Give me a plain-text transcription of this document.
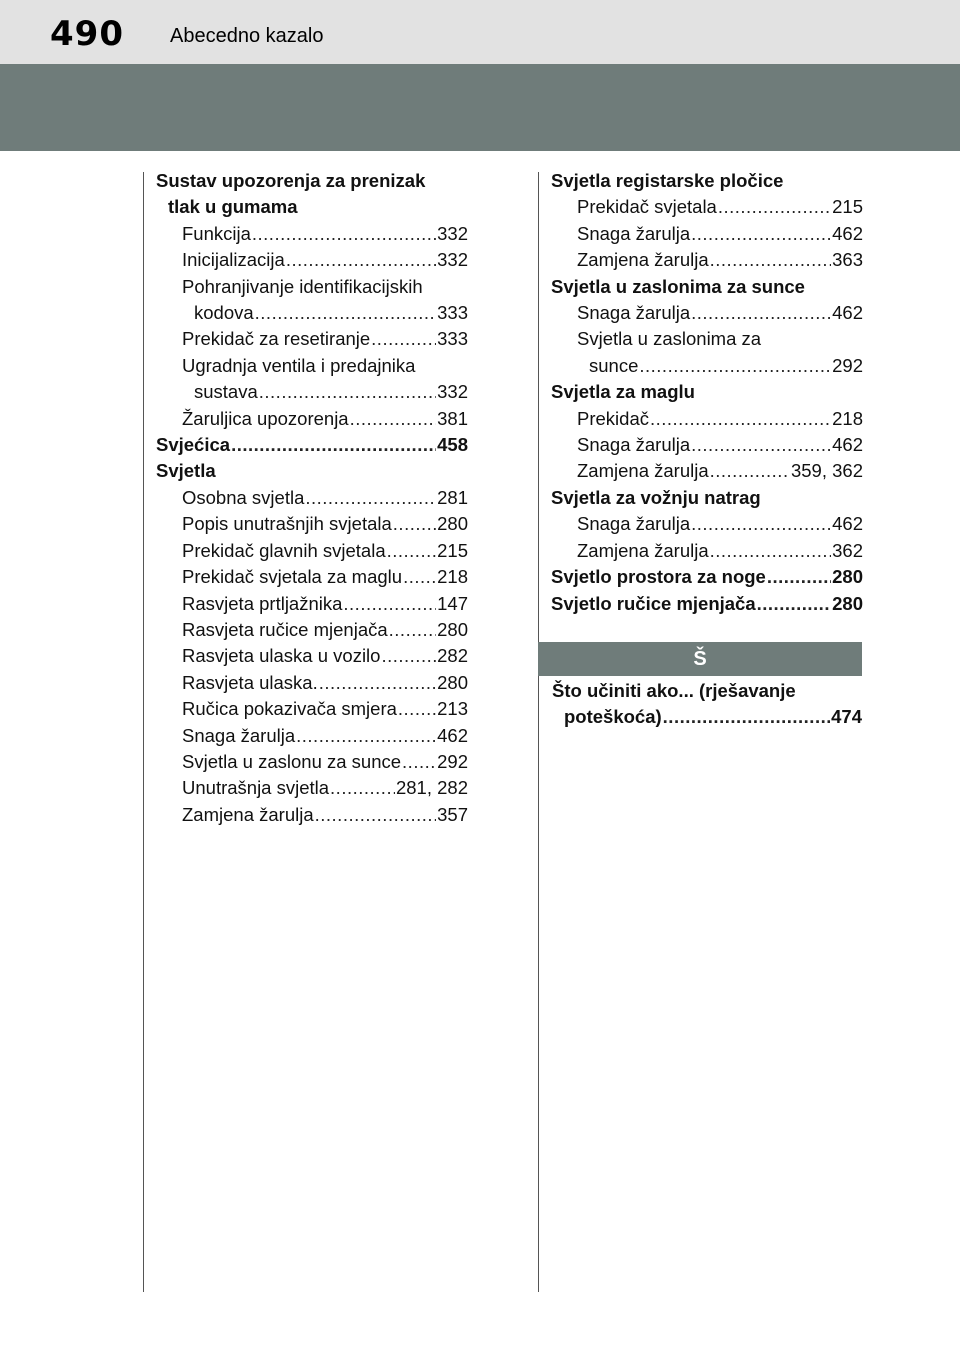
490 Abecedno kazalo
Sustav upozorenja za prenizak
tlak u gumama
Funkcija .....	332
Inicijalizacija .....	332
Pohranjivanje identifikacijskih
kodova .....	333
Prekidač za resetiranje .....	333
Ugradnja ventila i predajnika
sustava .....	332
Žaruljica upozorenja .....	381
Svjećica .....	458
Svjetla
Osobna svjetla .....	281
Popis unutrašnjih svjetala ..... 280
Prekidač glavnih svjetala .....	215
Prekidač svjetala za maglu ..... 218
Rasvjeta prtljažnika .....	147
Rasvjeta ručice mjenjača .....	280
Rasvjeta ulaska u vozilo .....	282
Rasvjeta ulaska. .....	280
Ručica pokazivača smjera ..... 213
Snaga žarulja .....	462
Svjetla u zaslonu za sunce ..... 292
Unutrašnja svjetla .....	281, 282
Zamjena žarulja .....	357
Svjetla registarske pločice
Prekidač svjetala .....	215
Snaga žarulja .....	462
Zamjena žarulja .....	363
Svjetla u zaslonima za sunce
Snaga žarulja .....	462
Svjetla u zaslonima za
sunce .....	292
Svjetla za maglu
Prekidač .....	218
Snaga žarulja .....	462
Zamjena žarulja .....	359, 362
Svjetla za vožnju natrag
Snaga žarulja .....	462
Zamjena žarulja .....	362
Svjetlo prostora za noge .....	280
Svjetlo ručice mjenjača .....	280
Š
Što učiniti ako... (rješavanje
poteškoća) .....	474
